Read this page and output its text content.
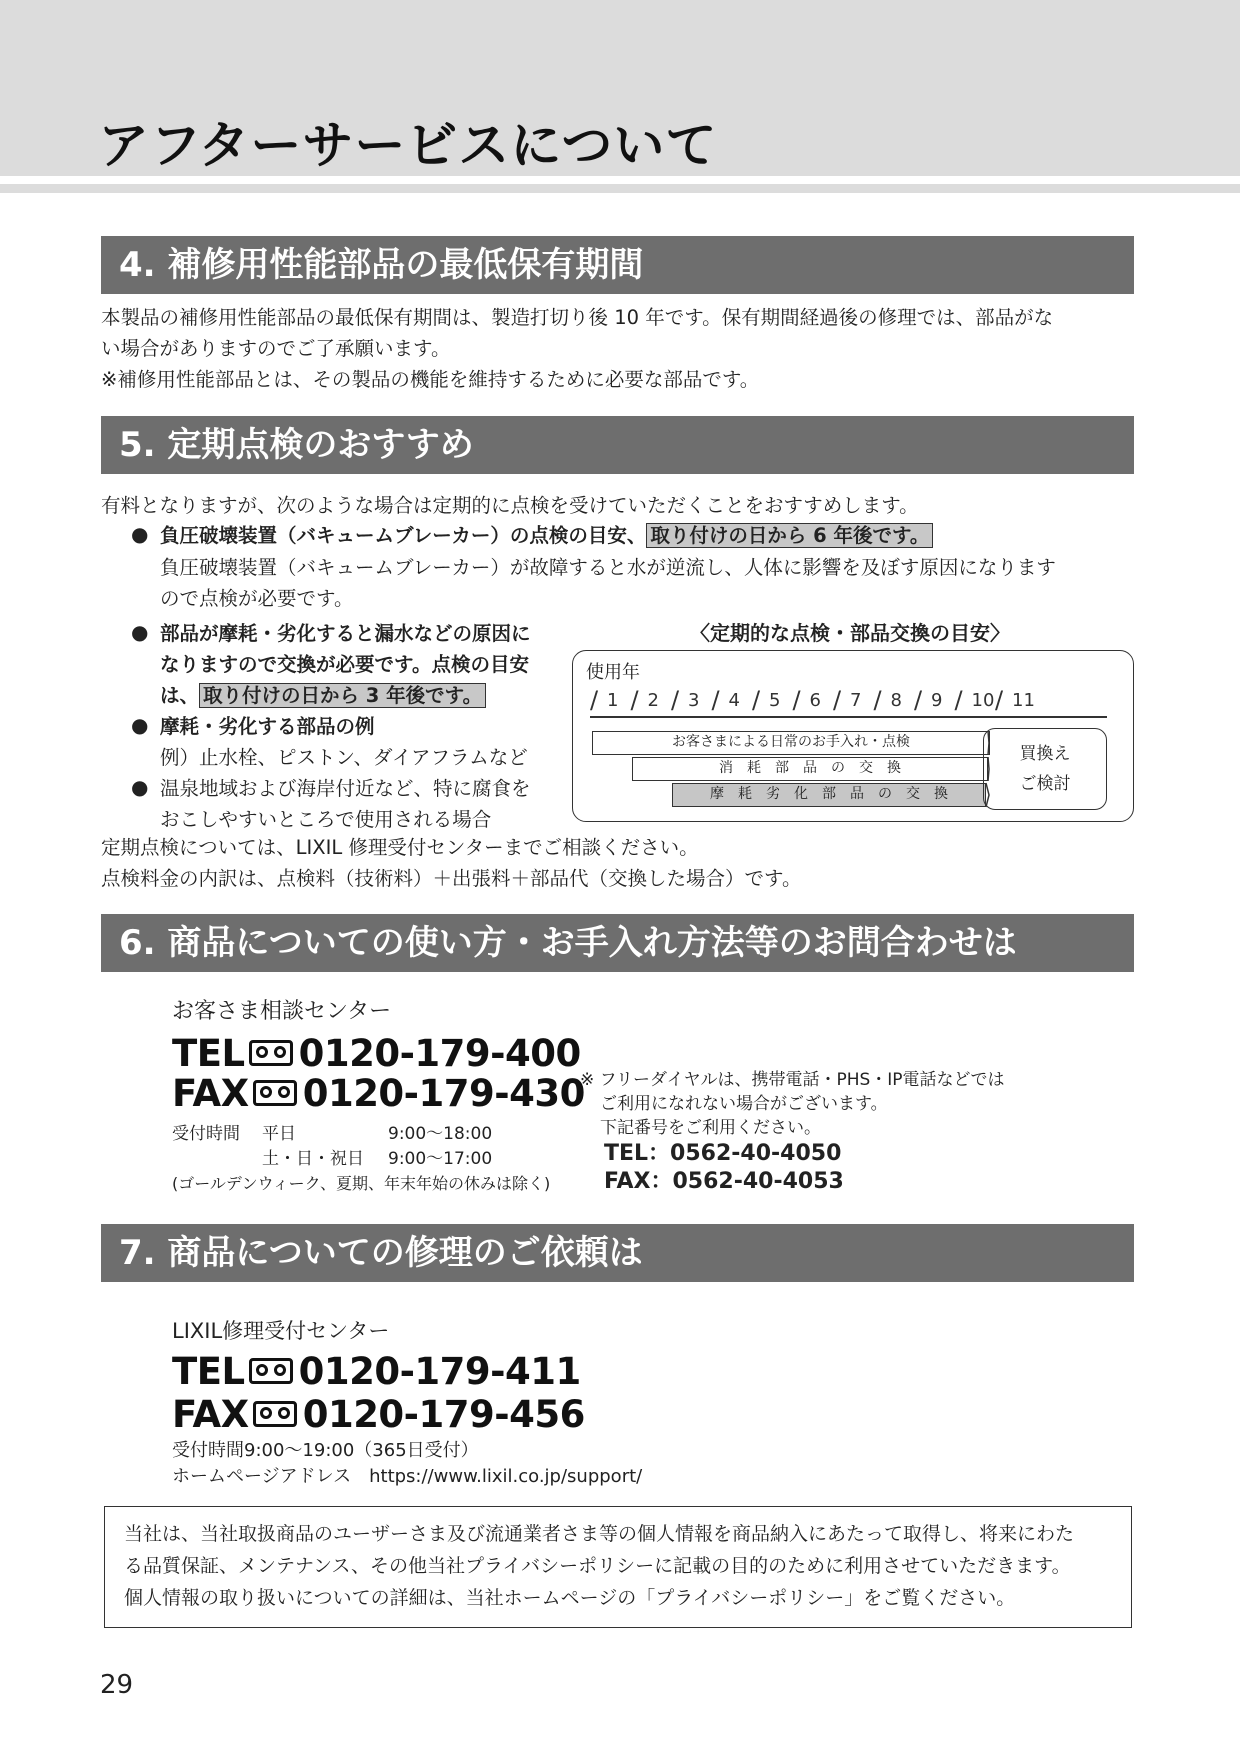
アフターサービスについて
4. 補修用性能部品の最低保有期間
本製品の補修用性能部品の最低保有期間は、製造打切り後 10 年です。保有期間経過後の修理では、部品がな
い場合がありますのでご了承願います。
※補修用性能部品とは、その製品の機能を維持するために必要な部品です。
5. 定期点検のおすすめ
有料となりますが、次のような場合は定期的に点検を受けていただくことをおすすめします。
● 負圧破壊装置（バキュームブレーカー）の点検の目安、 取り付けの日から 6 年後です。
負圧破壊装置（バキュームブレーカー）が故障すると水が逆流し、人体に影響を及ぼす原因になります
ので点検が必要です。
● 部品が摩耗・劣化すると漏水などの原因に
なりますので交換が必要です。点検の目安
は、 取り付けの日から 3 年後です。
● 摩耗・劣化する部品の例
例）止水栓、ピストン、ダイアフラムなど
● 温泉地域および海岸付近など、特に腐食を
おこしやすいところで使用される場合
定期点検については、LIXIL 修理受付センターまでご相談ください。
点検料金の内訳は、点検料（技術料）＋出張料＋部品代（交換した場合）です。
〈定期的な点検・部品交換の目安〉
使用年
/ 1 / 2 / 3 / 4 / 5 / 6 / 7 / 8 / 9 / 10 / 11
お客さまによる日常のお手入れ・点検
消　耗　部　品　の　交　換
摩　耗　劣　化　部　品　の　交　換
買換え
ご検討
6. 商品についての使い方・お手入れ方法等のお問合わせは
お客さま相談センター
TEL 0120-179-400
FAX 0120-179-430
受付時間 平日	9:00〜18:00
土・日・祝日 9:00〜17:00
(ゴールデンウィーク、夏期、年末年始の休みは除く)
※ フリーダイヤルは、携帯電話・PHS・IP電話などでは
ご利用になれない場合がございます。
下記番号をご利用ください。
TEL：0562-40-4050
FAX：0562-40-4053
7. 商品についての修理のご依頼は
LIXIL修理受付センター
TEL 0120-179-411
FAX 0120-179-456
受付時間9:00〜19:00（365日受付）
ホームページアドレス　https://www.lixil.co.jp/support/
当社は、当社取扱商品のユーザーさま及び流通業者さま等の個人情報を商品納入にあたって取得し、将来にわた
る品質保証、メンテナンス、その他当社プライバシーポリシーに記載の目的のために利用させていただきます。
個人情報の取り扱いについての詳細は、当社ホームページの「プライバシーポリシー」をご覧ください。
29
